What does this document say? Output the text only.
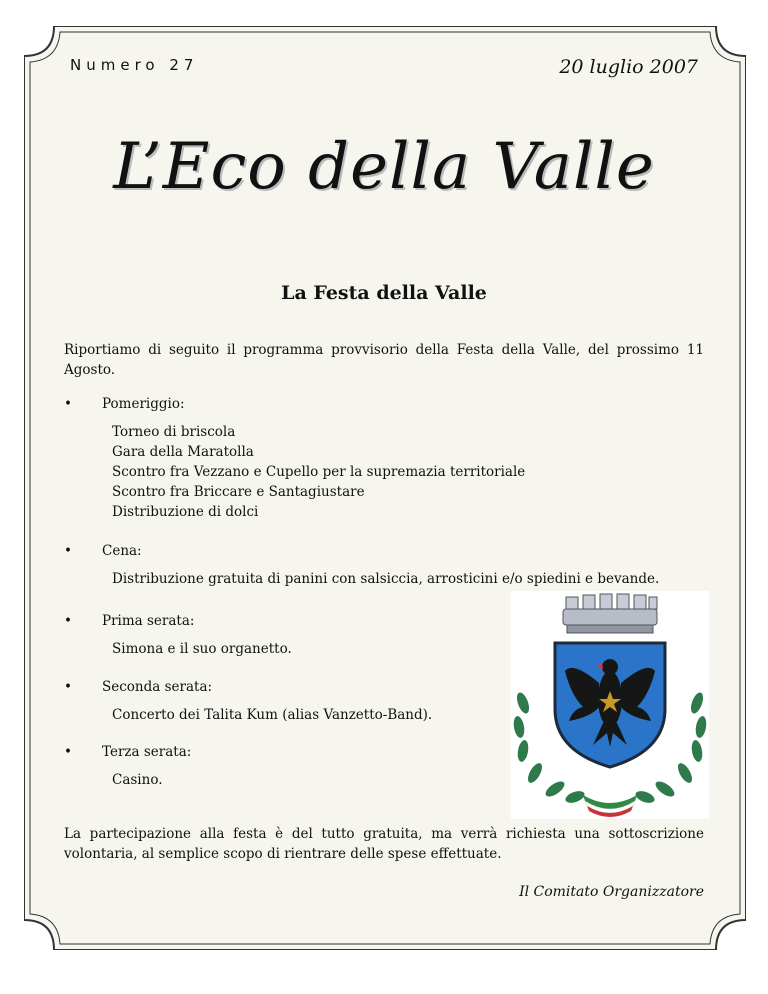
Numero 27	20 luglio 2007
L’Eco della Valle
La Festa della Valle
Riportiamo di seguito il programma provvisorio della Festa della Valle, del prossimo 11 Agosto.
• Pomeriggio:
Torneo di briscola
Gara della Maratolla
Scontro fra Vezzano e Cupello per la supremazia territoriale
Scontro fra Briccare e Santagiustare
Distribuzione di dolci
• Cena:
Distribuzione gratuita di panini con salsiccia, arrosticini e/o spiedini e bevande.
• Prima serata:
Simona e il suo organetto.
• Seconda serata:
Concerto dei Talita Kum (alias Vanzetto-Band).
• Terza serata:
Casino.
La partecipazione alla festa è del tutto gratuita, ma verrà richiesta una sottoscrizione volontaria, al semplice scopo di rientrare delle spese effettuate.
Il Comitato Organizzatore
